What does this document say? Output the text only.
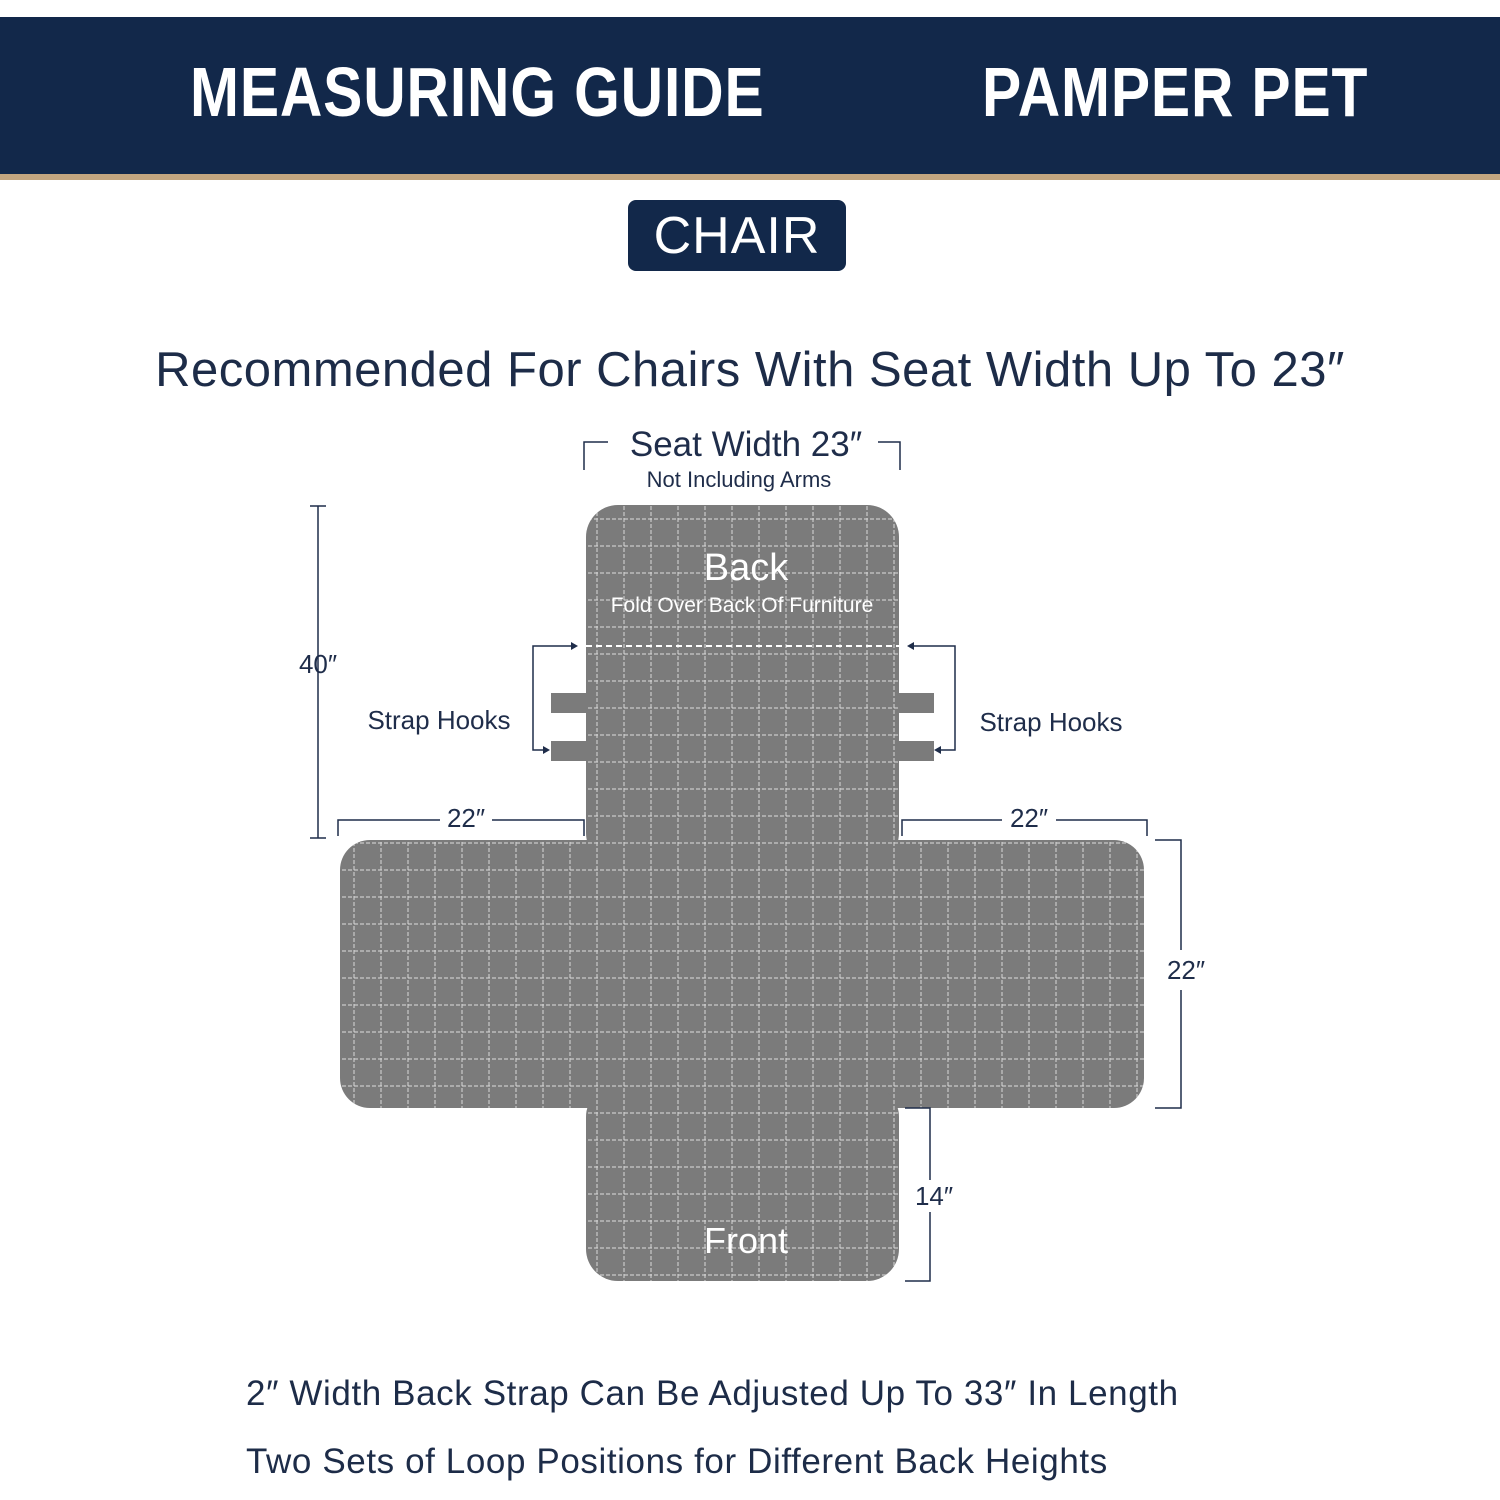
MEASURING GUIDE	PAMPER PET
CHAIR
Recommended For Chairs With Seat Width Up To 23″
Seat Width 23″
Not Including Arms
Back
Fold Over Back Of Furniture
Front
Strap Hooks	Strap Hooks
40″
22″	22″
22″
14″
2″ Width Back Strap Can Be Adjusted Up To 33″ In Length
Two Sets of Loop Positions for Different Back Heights
